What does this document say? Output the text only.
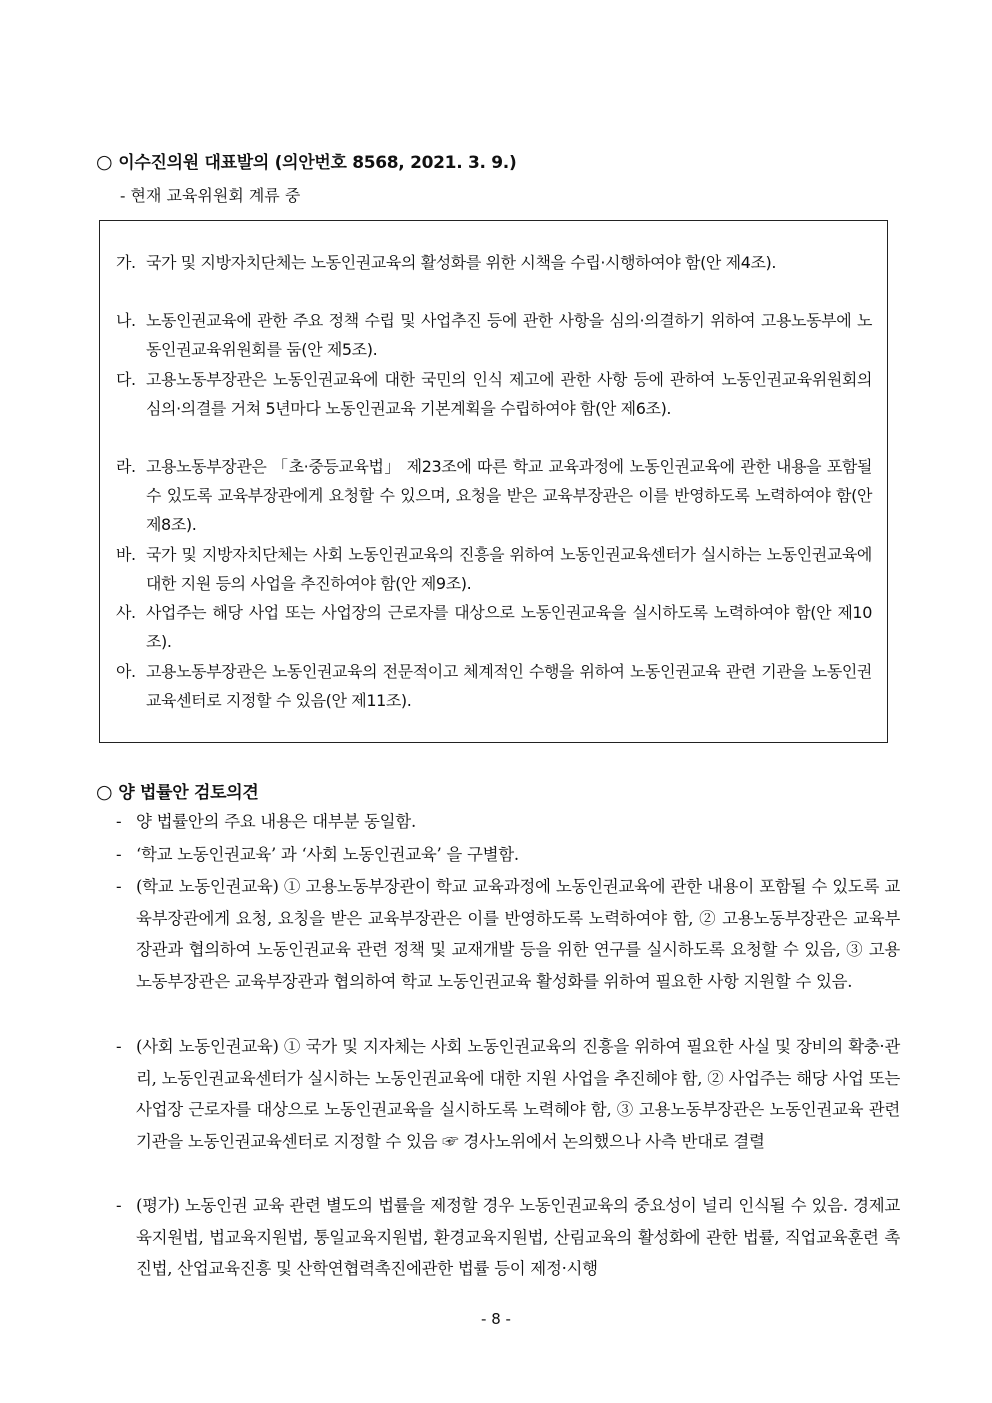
○ 이수진의원 대표발의 (의안번호 8568, 2021. 3. 9.)
- 현재 교육위원회 계류 중
가. 국가 및 지방자치단체는 노동인권교육의 활성화를 위한 시책을 수립·시행하여야 함(안 제4조).
나. 노동인권교육에 관한 주요 정책 수립 및 사업추진 등에 관한 사항을 심의·의결하기 위하여 고용노동부에 노동인권교육위원회를 둠(안 제5조).
다. 고용노동부장관은 노동인권교육에 대한 국민의 인식 제고에 관한 사항 등에 관하여 노동인권교육위원회의 심의·의결를 거쳐 5년마다 노동인권교육 기본계획을 수립하여야 함(안 제6조).
라. 고용노동부장관은 「초·중등교육법」 제23조에 따른 학교 교육과정에 노동인권교육에 관한 내용을 포함될 수 있도록 교육부장관에게 요청할 수 있으며, 요청을 받은 교육부장관은 이를 반영하도록 노력하여야 함(안 제8조).
바. 국가 및 지방자치단체는 사회 노동인권교육의 진흥을 위하여 노동인권교육센터가 실시하는 노동인권교육에 대한 지원 등의 사업을 추진하여야 함(안 제9조).
사. 사업주는 해당 사업 또는 사업장의 근로자를 대상으로 노동인권교육을 실시하도록 노력하여야 함(안 제10조).
아. 고용노동부장관은 노동인권교육의 전문적이고 체계적인 수행을 위하여 노동인권교육 관련 기관을 노동인권교육센터로 지정할 수 있음(안 제11조).
○ 양 법률안 검토의견
- 양 법률안의 주요 내용은 대부분 동일함.
- ‘학교 노동인권교육’ 과 ‘사회 노동인권교육’ 을 구별함.
- (학교 노동인권교육) ① 고용노동부장관이 학교 교육과정에 노동인권교육에 관한 내용이 포함될 수 있도록 교육부장관에게 요청, 요칭을 받은 교육부장관은 이를 반영하도록 노력하여야 함, ② 고용노동부장관은 교육부장관과 협의하여 노동인권교육 관련 정책 및 교재개발 등을 위한 연구를 실시하도록 요청할 수 있음, ③ 고용노동부장관은 교육부장관과 협의하여 학교 노동인권교육 활성화를 위하여 필요한 사항 지원할 수 있음.
- (사회 노동인권교육) ① 국가 및 지자체는 사회 노동인권교육의 진흥을 위하여 필요한 사실 및 장비의 확충·관리, 노동인권교육센터가 실시하는 노동인권교육에 대한 지원 사업을 추진헤야 함, ② 사업주는 해당 사업 또는 사업장 근로자를 대상으로 노동인권교육을 실시하도록 노력헤야 함, ③ 고용노동부장관은 노동인권교육 관련 기관을 노동인권교육센터로 지정할 수 있음 ☞ 경사노위에서 논의했으나 사측 반대로 결렬
- (평가) 노동인권 교육 관련 별도의 법률을 제정할 경우 노동인권교육의 중요성이 널리 인식될 수 있음. 경제교육지원법, 법교육지원법, 통일교육지원법, 환경교육지원법, 산림교육의 활성화에 관한 법률, 직업교육훈련 촉진법, 산업교육진흥 및 산학연협력촉진에관한 법률 등이 제정·시행
- 8 -
